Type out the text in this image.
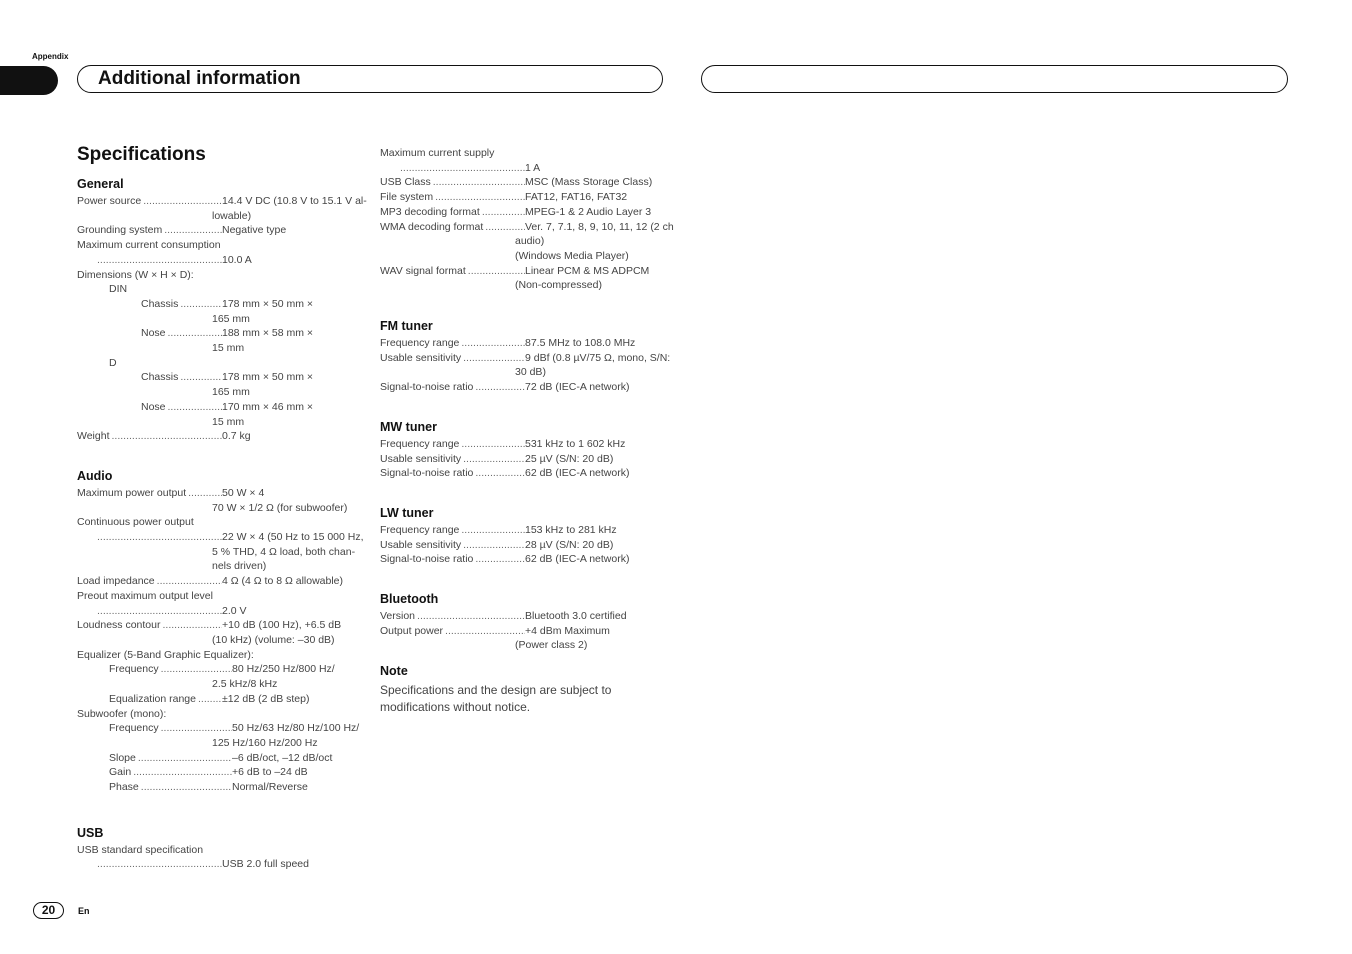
Appendix
Additional information
Specifications
General
Power source .....	14.4 V DC (10.8 V to 15.1 V al-
lowable)
Grounding system .....	Negative type
Maximum current consumption
.....
10.0 A
Dimensions (W × H × D):
DIN
Chassis .....	178 mm × 50 mm ×
165 mm
Nose .....	188 mm × 58 mm ×
15 mm
D
Chassis .....	178 mm × 50 mm ×
165 mm
Nose .....	170 mm × 46 mm ×
15 mm
Weight .....	0.7 kg
Audio
Maximum power output .....	50 W × 4
70 W × 1/2 Ω (for subwoofer)
Continuous power output
.....
22 W × 4 (50 Hz to 15 000 Hz,
5 % THD, 4 Ω load, both chan-
nels driven)
Load impedance .....	4 Ω (4 Ω to 8 Ω allowable)
Preout maximum output level
.....
2.0 V
Loudness contour .....	+10 dB (100 Hz), +6.5 dB
(10 kHz) (volume: –30 dB)
Equalizer (5-Band Graphic Equalizer):
Frequency .....	80 Hz/250 Hz/800 Hz/
2.5 kHz/8 kHz
Equalization range ..... ±12 dB (2 dB step)
Subwoofer (mono):
Frequency .....	50 Hz/63 Hz/80 Hz/100 Hz/
125 Hz/160 Hz/200 Hz
Slope .....	–6 dB/oct, –12 dB/oct
Gain .....	+6 dB to –24 dB
Phase .....	Normal/Reverse
USB
USB standard specification
.....
USB 2.0 full speed
Maximum current supply
.....
1 A
USB Class .....	MSC (Mass Storage Class)
File system .....	FAT12, FAT16, FAT32
MP3 decoding format .....	MPEG-1 & 2 Audio Layer 3
WMA decoding format .....	Ver. 7, 7.1, 8, 9, 10, 11, 12 (2 ch
audio)
(Windows Media Player)
WAV signal format .....	Linear PCM & MS ADPCM
(Non-compressed)
FM tuner
Frequency range .....	87.5 MHz to 108.0 MHz
Usable sensitivity .....	9 dBf (0.8 µV/75 Ω, mono, S/N:
30 dB)
Signal-to-noise ratio .....	72 dB (IEC-A network)
MW tuner
Frequency range .....	531 kHz to 1 602 kHz
Usable sensitivity .....	25 µV (S/N: 20 dB)
Signal-to-noise ratio .....	62 dB (IEC-A network)
LW tuner
Frequency range .....	153 kHz to 281 kHz
Usable sensitivity .....	28 µV (S/N: 20 dB)
Signal-to-noise ratio .....	62 dB (IEC-A network)
Bluetooth
Version .....	Bluetooth 3.0 certified
Output power .....	+4 dBm Maximum
(Power class 2)
Note
Specifications and the design are subject to
modifications without notice.
20	En
